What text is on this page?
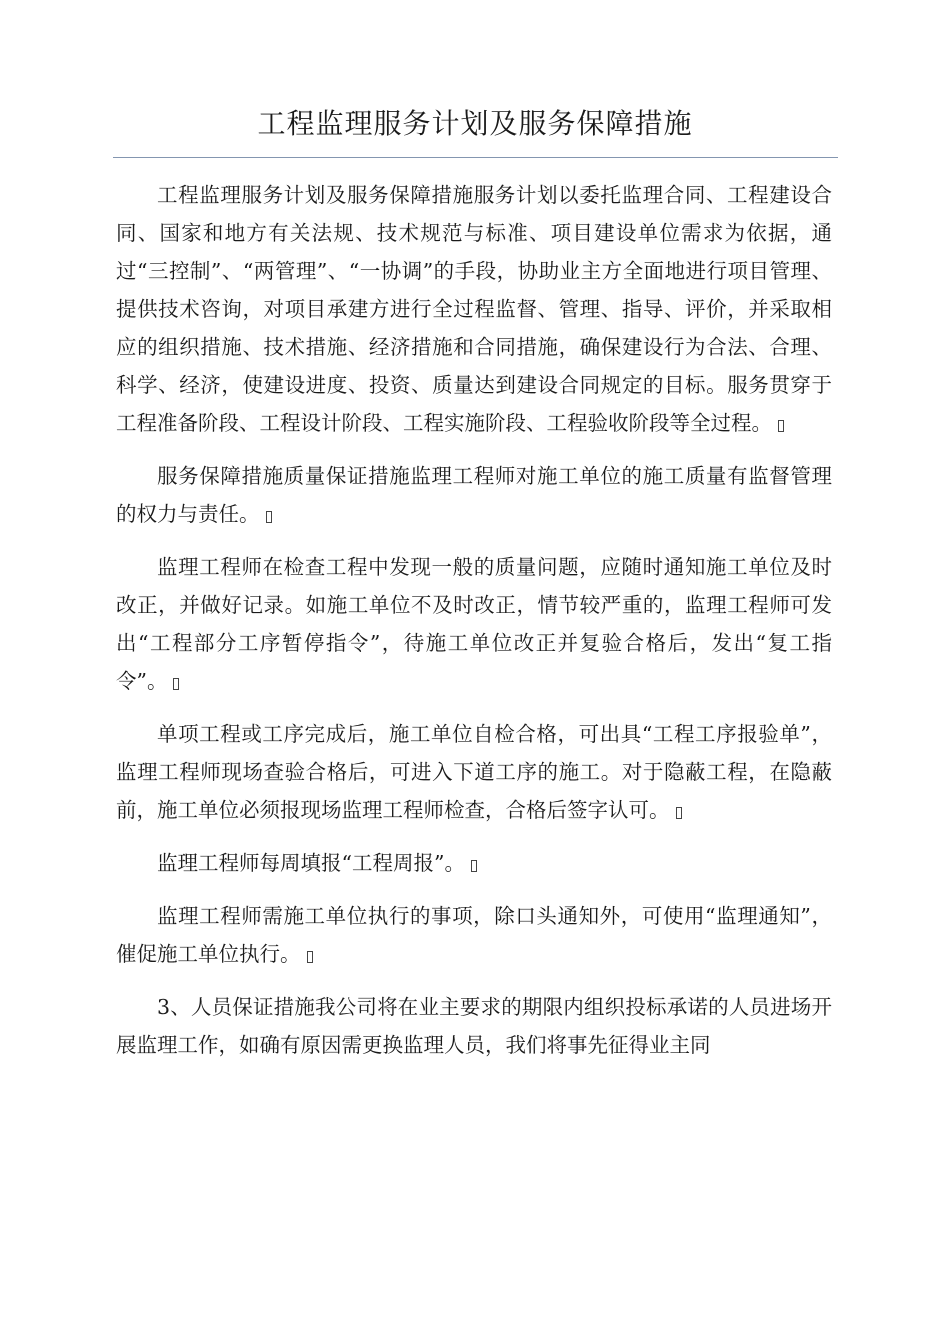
工程监理服务计划及服务保障措施

工程监理服务计划及服务保障措施服务计划以委托监理合同、工程建设合同、国家和地方有关法规、技术规范与标准、项目建设单位需求为依据，通过“三控制”、“两管理”、“一协调”的手段，协助业主方全面地进行项目管理、提供技术咨询，对项目承建方进行全过程监督、管理、指导、评价，并采取相应的组织措施、技术措施、经济措施和合同措施，确保建设行为合法、合理、科学、经济，使建设进度、投资、质量达到建设合同规定的目标。服务贯穿于工程准备阶段、工程设计阶段、工程实施阶段、工程验收阶段等全过程。

服务保障措施质量保证措施监理工程师对施工单位的施工质量有监督管理的权力与责任。

监理工程师在检查工程中发现一般的质量问题，应随时通知施工单位及时改正，并做好记录。如施工单位不及时改正，情节较严重的，监理工程师可发出“工程部分工序暂停指令”，待施工单位改正并复验合格后，发出“复工指令”。

单项工程或工序完成后，施工单位自检合格，可出具“工程工序报验单”，监理工程师现场查验合格后，可进入下道工序的施工。对于隐蔽工程，在隐蔽前，施工单位必须报现场监理工程师检查，合格后签字认可。

监理工程师每周填报“工程周报”。

监理工程师需施工单位执行的事项，除口头通知外，可使用“监理通知”，催促施工单位执行。

3、人员保证措施我公司将在业主要求的期限内组织投标承诺的人员进场开展监理工作，如确有原因需更换监理人员，我们将事先征得业主同
